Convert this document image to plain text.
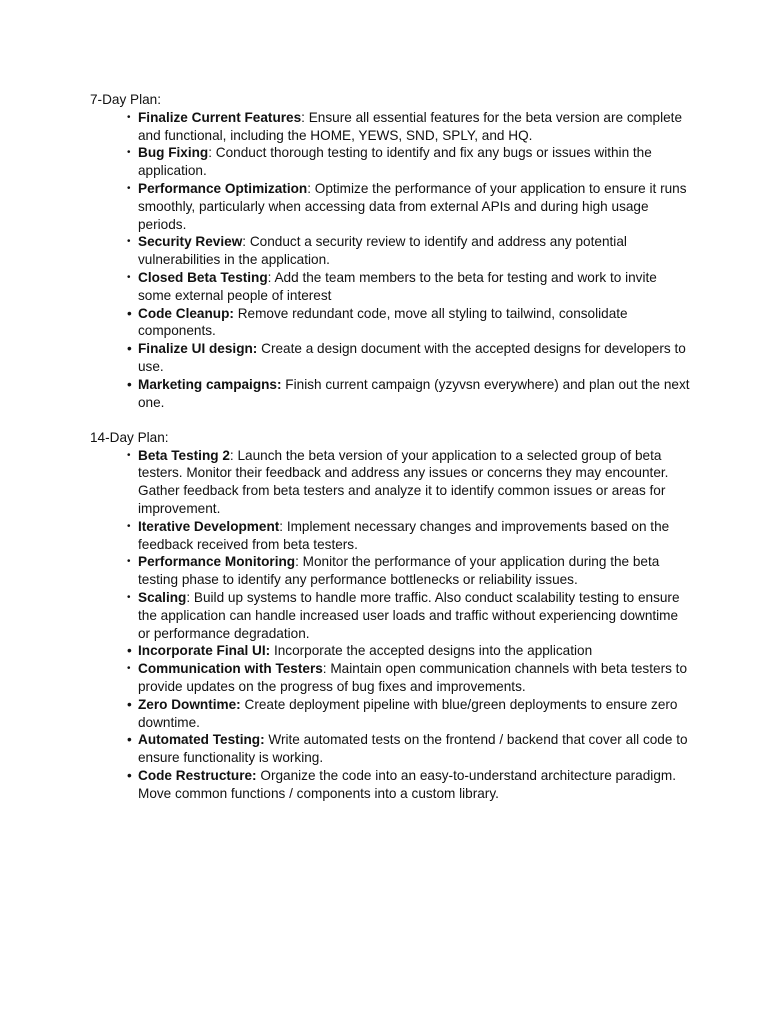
7-Day Plan:

• Finalize Current Features: Ensure all essential features for the beta version are complete and functional, including the HOME, YEWS, SND, SPLY, and HQ.
• Bug Fixing: Conduct thorough testing to identify and fix any bugs or issues within the application.
• Performance Optimization: Optimize the performance of your application to ensure it runs smoothly, particularly when accessing data from external APIs and during high usage periods.
• Security Review: Conduct a security review to identify and address any potential vulnerabilities in the application.
• Closed Beta Testing: Add the team members to the beta for testing and work to invite some external people of interest
• Code Cleanup: Remove redundant code, move all styling to tailwind, consolidate components.
• Finalize UI design: Create a design document with the accepted designs for developers to use.
• Marketing campaigns: Finish current campaign (yzyvsn everywhere) and plan out the next one.

14-Day Plan:

• Beta Testing 2: Launch the beta version of your application to a selected group of beta testers. Monitor their feedback and address any issues or concerns they may encounter. Gather feedback from beta testers and analyze it to identify common issues or areas for improvement.
• Iterative Development: Implement necessary changes and improvements based on the feedback received from beta testers.
• Performance Monitoring: Monitor the performance of your application during the beta testing phase to identify any performance bottlenecks or reliability issues.
• Scaling: Build up systems to handle more traffic. Also conduct scalability testing to ensure the application can handle increased user loads and traffic without experiencing downtime or performance degradation.
• Incorporate Final UI: Incorporate the accepted designs into the application
• Communication with Testers: Maintain open communication channels with beta testers to provide updates on the progress of bug fixes and improvements.
• Zero Downtime: Create deployment pipeline with blue/green deployments to ensure zero downtime.
• Automated Testing: Write automated tests on the frontend / backend that cover all code to ensure functionality is working.
• Code Restructure: Organize the code into an easy-to-understand architecture paradigm. Move common functions / components into a custom library.
